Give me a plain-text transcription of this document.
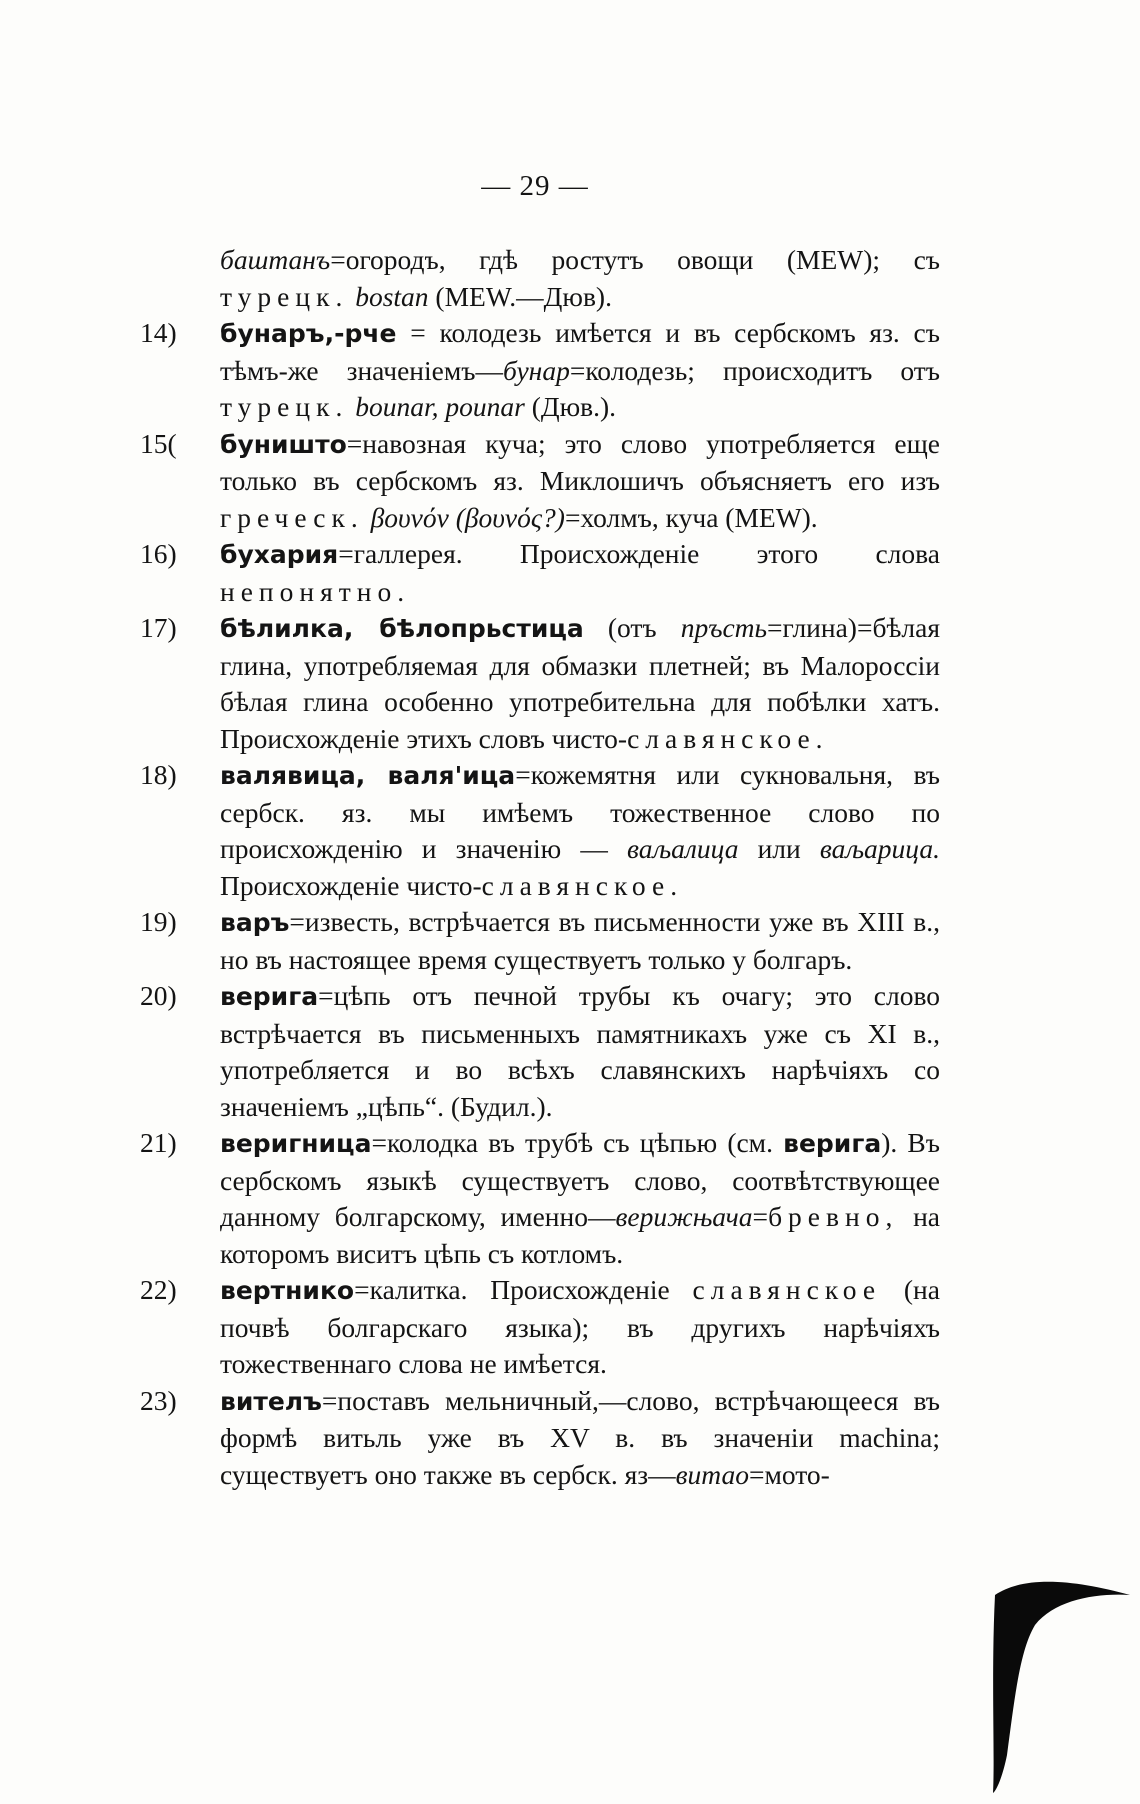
— 29 —
баштанъ=огородъ, гдѣ ростутъ овощи (MEW); съ турецк. bostan (MEW.—Дюв).
14) бунаръ,-рче = колодезь имѣется и въ сербскомъ яз. съ тѣмъ-же значеніемъ—бунар=колодезь; происходитъ отъ турецк. bounar, pounar (Дюв.).
15( буништо=навозная куча; это слово употребляется еще только въ сербскомъ яз. Миклошичъ объясняетъ его изъ греческ. βουνόν (βουνός?)=холмъ, куча (MEW).
16) бухария=галлерея. Происхожденіе этого слова непонятно.
17) бѣлилка, бѣлопрьстица (отъ пръсть=глина)=бѣлая глина, употребляемая для обмазки плетней; въ Малороссіи бѣлая глина особенно употребительна для побѣлки хатъ. Происхожденіе этихъ словъ чисто-славянское.
18) валявица, валя'ица=кожемятня или сукновальня, въ сербск. яз. мы имѣемъ тожественное слово по происхожденію и значенію — ваљалица или ваљарица. Происхожденіе чисто-славянское.
19) варъ=известь, встрѣчается въ письменности уже въ XIII в., но въ настоящее время существуетъ только у болгаръ.
20) верига=цѣпь отъ печной трубы къ очагу; это слово встрѣчается въ письменныхъ памятникахъ уже съ XI в., употребляется и во всѣхъ славянскихъ нарѣчіяхъ со значеніемъ „цѣпь“. (Будил.).
21) веригница=колодка въ трубѣ съ цѣпью (см. верига). Въ сербскомъ языкѣ существуетъ слово, соотвѣтствующее данному болгарскому, именно—верижњача=бревно, на которомъ виситъ цѣпь съ котломъ.
22) вертнико=калитка. Происхожденіе славянское (на почвѣ болгарскаго языка); въ другихъ нарѣчіяхъ тожественнаго слова не имѣется.
23) вителъ=поставъ мельничный,—слово, встрѣчающееся въ формѣ витьль уже въ XV в. въ значеніи machina; существуетъ оно также въ сербск. яз—витао=мото-
